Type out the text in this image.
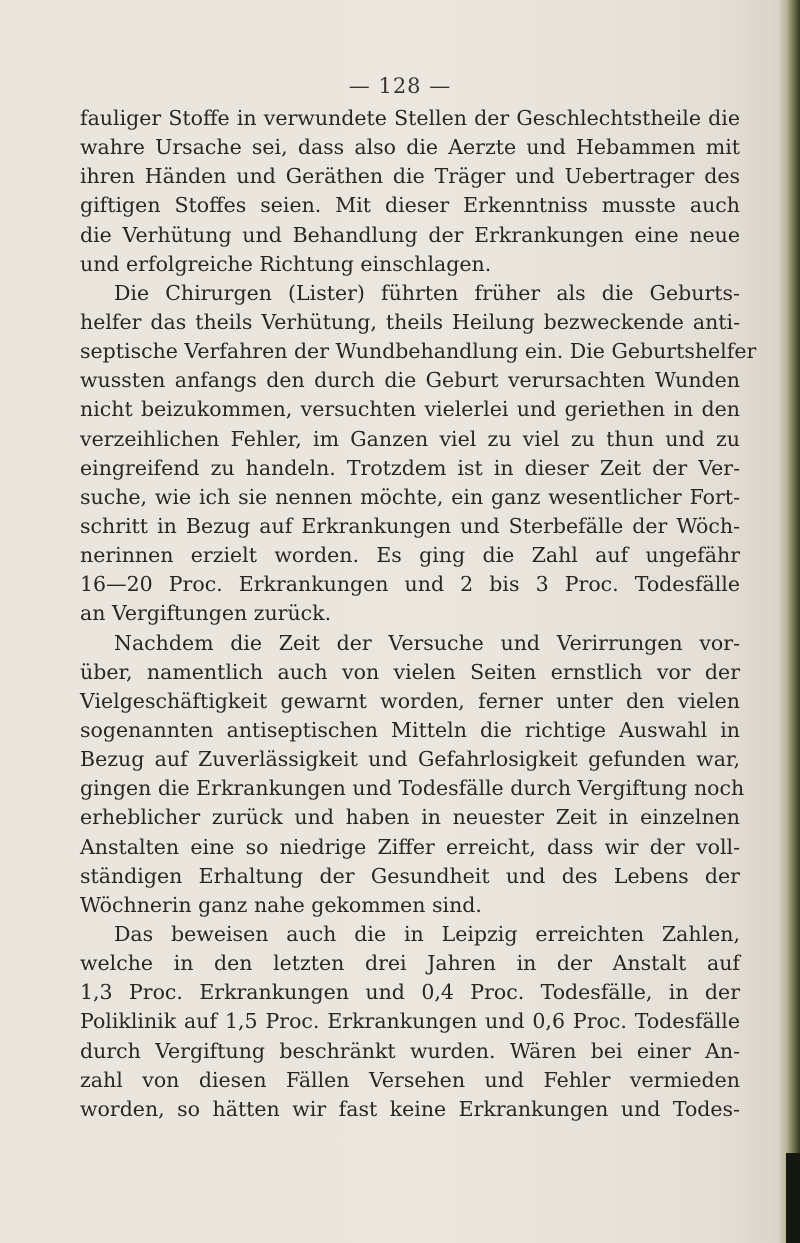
— 128 —
fauliger Stoffe in verwundete Stellen der Geschlechtstheile die
wahre Ursache sei, dass also die Aerzte und Hebammen mit
ihren Händen und Geräthen die Träger und Uebertrager des
giftigen Stoffes seien. Mit dieser Erkenntniss musste auch
die Verhütung und Behandlung der Erkrankungen eine neue
und erfolgreiche Richtung einschlagen.
Die Chirurgen (Lister) führten früher als die Geburts-
helfer das theils Verhütung, theils Heilung bezweckende anti-
septische Verfahren der Wundbehandlung ein. Die Geburtshelfer
wussten anfangs den durch die Geburt verursachten Wunden
nicht beizukommen, versuchten vielerlei und geriethen in den
verzeihlichen Fehler, im Ganzen viel zu viel zu thun und zu
eingreifend zu handeln. Trotzdem ist in dieser Zeit der Ver-
suche, wie ich sie nennen möchte, ein ganz wesentlicher Fort-
schritt in Bezug auf Erkrankungen und Sterbefälle der Wöch-
nerinnen erzielt worden. Es ging die Zahl auf ungefähr
16—20 Proc. Erkrankungen und 2 bis 3 Proc. Todesfälle
an Vergiftungen zurück.
Nachdem die Zeit der Versuche und Verirrungen vor-
über, namentlich auch von vielen Seiten ernstlich vor der
Vielgeschäftigkeit gewarnt worden, ferner unter den vielen
sogenannten antiseptischen Mitteln die richtige Auswahl in
Bezug auf Zuverlässigkeit und Gefahrlosigkeit gefunden war,
gingen die Erkrankungen und Todesfälle durch Vergiftung noch
erheblicher zurück und haben in neuester Zeit in einzelnen
Anstalten eine so niedrige Ziffer erreicht, dass wir der voll-
ständigen Erhaltung der Gesundheit und des Lebens der
Wöchnerin ganz nahe gekommen sind.
Das beweisen auch die in Leipzig erreichten Zahlen,
welche in den letzten drei Jahren in der Anstalt auf
1,3 Proc. Erkrankungen und 0,4 Proc. Todesfälle, in der
Poliklinik auf 1,5 Proc. Erkrankungen und 0,6 Proc. Todesfälle
durch Vergiftung beschränkt wurden. Wären bei einer An-
zahl von diesen Fällen Versehen und Fehler vermieden
worden, so hätten wir fast keine Erkrankungen und Todes-
